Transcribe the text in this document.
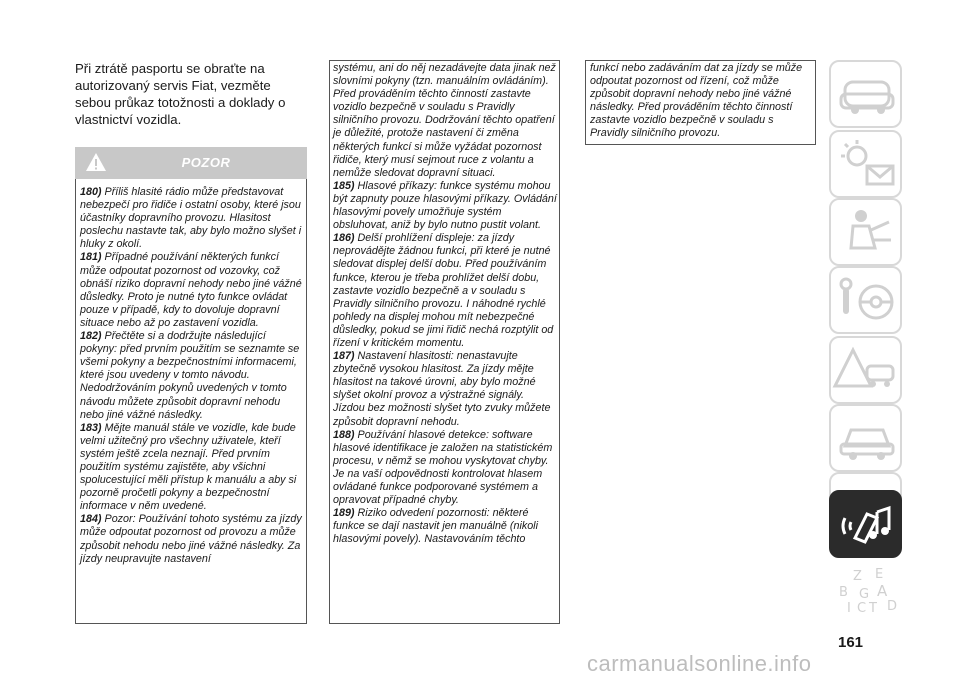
Při ztrátě pasportu se obraťte na autorizovaný servis Fiat, vezměte sebou průkaz totožnosti a doklady o vlastnictví vozidla.
POZOR

180) Příliš hlasité rádio může představovat nebezpečí pro řidiče i ostatní osoby, které jsou účastníky dopravního provozu. Hlasitost poslechu nastavte tak, aby bylo možno slyšet i hluky z okolí.

181) Případné používání některých funkcí může odpoutat pozornost od vozovky, což obnáší riziko dopravní nehody nebo jiné vážné důsledky. Proto je nutné tyto funkce ovládat pouze v případě, kdy to dovoluje dopravní situace nebo až po zastavení vozidla.

182) Přečtěte si a dodržujte následující pokyny: před prvním použitím se seznamte se všemi pokyny a bezpečnostními informacemi, které jsou uvedeny v tomto návodu. Nedodržováním pokynů uvedených v tomto návodu můžete způsobit dopravní nehodu nebo jiné vážné následky.

183) Mějte manuál stále ve vozidle, kde bude velmi užitečný pro všechny uživatele, kteří systém ještě zcela neznají. Před prvním použitím systému zajistěte, aby všichni spolucestující měli přístup k manuálu a aby si pozorně pročetli pokyny a bezpečnostní informace v něm uvedené.

184) Pozor: Používání tohoto systému za jízdy může odpoutat pozornost od provozu a může způsobit nehodu nebo jiné vážné následky. Za jízdy neupravujte nastavení

systému, ani do něj nezadávejte data jinak než slovními pokyny (tzn. manuálním ovládáním). Před prováděním těchto činností zastavte vozidlo bezpečně v souladu s Pravidly silničního provozu. Dodržování těchto opatření je důležité, protože nastavení či změna některých funkcí si může vyžádat pozornost řidiče, který musí sejmout ruce z volantu a nemůže sledovat dopravní situaci.

185) Hlasové příkazy: funkce systému mohou být zapnuty pouze hlasovými příkazy. Ovládání hlasovými povely umožňuje systém obsluhovat, aniž by bylo nutno pustit volant.

186) Delší prohlížení displeje: za jízdy neprovádějte žádnou funkci, při které je nutné sledovat displej delší dobu. Před používáním funkce, kterou je třeba prohlížet delší dobu, zastavte vozidlo bezpečně a v souladu s Pravidly silničního provozu. I náhodné rychlé pohledy na displej mohou mít nebezpečné důsledky, pokud se jimi řidič nechá rozptýlit od řízení v kritickém momentu.

187) Nastavení hlasitosti: nenastavujte zbytečně vysokou hlasitost. Za jízdy mějte hlasitost na takové úrovni, aby bylo možné slyšet okolní provoz a výstražné signály. Jízdou bez možnosti slyšet tyto zvuky můžete způsobit dopravní nehodu.

188) Používání hlasové detekce: software hlasové identifikace je založen na statistickém procesu, v němž se mohou vyskytovat chyby. Je na vaší odpovědnosti kontrolovat hlasem ovládané funkce podporované systémem a opravovat případné chyby.

189) Riziko odvedení pozornosti: některé funkce se dají nastavit jen manuálně (nikoli hlasovými povely). Nastavováním těchto

funkcí nebo zadáváním dat za jízdy se může odpoutat pozornost od řízení, což může způsobit dopravní nehody nebo jiné vážné následky. Před prováděním těchto činností zastavte vozidlo bezpečně v souladu s Pravidly silničního provozu.
Z E
B G A
I C T D
161
carmanualsonline.info
